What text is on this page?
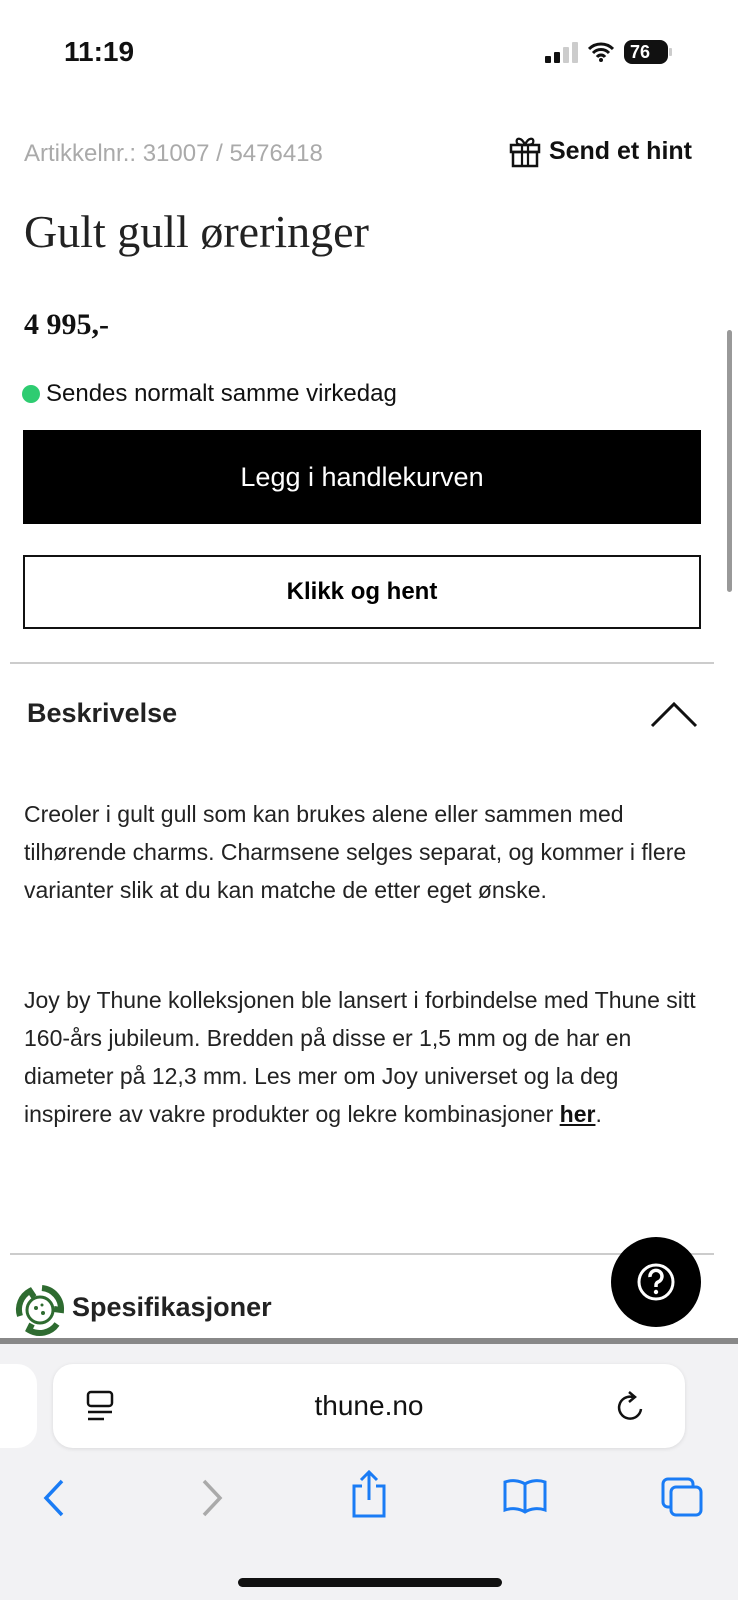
11:19	76
Artikkelnr.: 31007 / 5476418	Send et hint
Gult gull øreringer
4 995,-
Sendes normalt samme virkedag
Legg i handlekurven
Klikk og hent
Beskrivelse

Creoler i gult gull som kan brukes alene eller sammen med tilhørende charms. Charmsene selges separat, og kommer i flere varianter slik at du kan matche de etter eget ønske.

Joy by Thune kolleksjonen ble lansert i forbindelse med Thune sitt 160-års jubileum. Bredden på disse er 1,5 mm og de har en diameter på 12,3 mm. Les mer om Joy universet og la deg inspirere av vakre produkter og lekre kombinasjoner her.

Spesifikasjoner
thune.no
